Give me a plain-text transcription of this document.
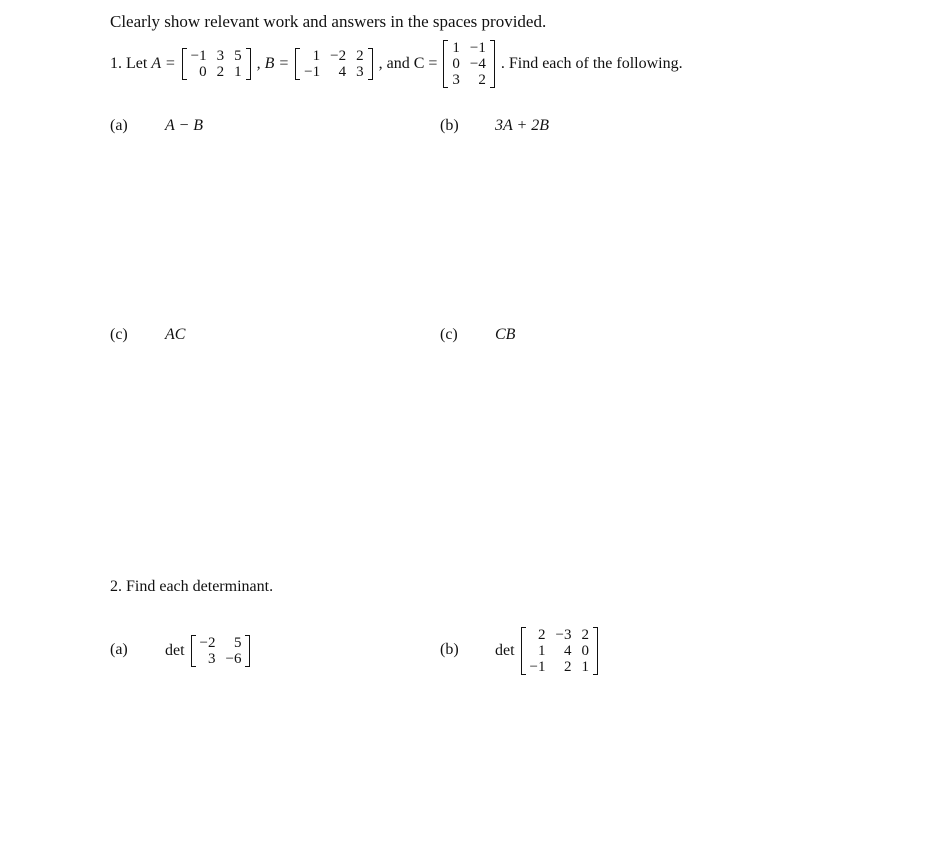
Clearly show relevant work and answers in the spaces provided.
1. Let A = −1	3	5
0	2	1 , B = 1	−2	2
−1	4	3 , and C =
1	−1
0	−4
3	2
. Find each of the following.
(a) A − B	(b) 3A + 2B
(c) AC	(c) CB
2. Find each determinant.
(a) det −2	5
3	−6
(b) det
2	−3	2
1	4	0
−1	2	1
